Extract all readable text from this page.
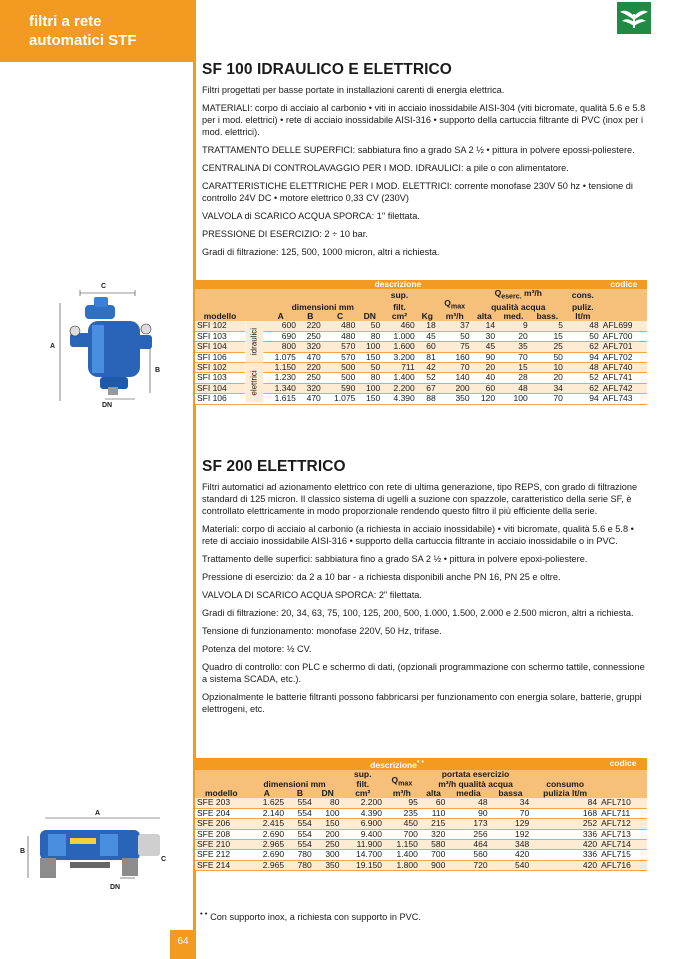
filtri a rete
automatici STF
SF 100 IDRAULICO E ELETTRICO

Filtri progettati per basse portate in installazioni carenti di energia elettrica.

MATERIALI: corpo di acciaio al carbonio • viti in acciaio inossidabile AISI-304 (viti bicromate, qualità 5.6 e 5.8 per i mod. elettrici) • rete di acciaio inossidabile AISI-316 • supporto della cartuccia filtrante di PVC (inox per i mod. elettrici).

TRATTAMENTO DELLE SUPERFICI: sabbiatura fino a grado SA 2 ½ • pittura in polvere epossi-poliestere.

CENTRALINA DI CONTROLAVAGGIO PER I MOD. IDRAULICI: a pile o con alimentatore.

CARATTERISTICHE ELETTRICHE PER I MOD. ELETTRICI: corrente monofase 230V 50 hz • tensione di controllo 24V DC • motore elettrico 0,33 CV (230V)

VALVOLA di SCARICO ACQUA SPORCA: 1" filettata.

PRESSIONE DI ESERCIZIO: 2 ÷ 10 bar.

Gradi di filtrazione: 125, 500, 1000 micron, altri a richiesta.

C
A
B
DN
descrizione													codice
		dimensioni mm				sup.		$Q_{max}$	$Q_{eserc.}$ m³/h			cons.	
						filt.			qualità acqua			puliz.	
modello		A	B	C	DN	cm²	Kg	m³/h	alta	med.	bass.	lt/m	
SFI 102	idraulici	600	220	480	50	460	18	37	14	9	5	48	AFL699
SFI 103		690	250	480	80	1.000	45	50	30	20	15	50	AFL700
SFI 104		800	320	570	100	1.600	60	75	45	35	25	62	AFL701
SFI 106		1.075	470	570	150	3.200	81	160	90	70	50	94	AFL702
SFI 102	elettrici	1.150	220	500	50	711	42	70	20	15	10	48	AFL740
SFI 103		1.230	250	500	80	1.400	52	140	40	28	20	52	AFL741
SFI 104		1.340	320	590	100	2.200	67	200	60	48	34	62	AFL742
SFI 106		1.615	470	1.075	150	4.390	88	350	120	100	70	94	AFL743
SF 200 ELETTRICO

Filtri automatici ad azionamento elettrico con rete di ultima generazione, tipo REPS, con grado di filtrazione standard di 125 micron. Il classico sistema di ugelli a suzione con spazzole, caratteristico della serie SF, è controllato elettricamente in modo proporzionale rendendo questo filtro il più efficiente della serie.

Materiali: corpo di acciaio al carbonio (a richiesta in acciaio inossidabile) • viti bicromate, qualità 5.6 e 5.8 • rete di acciaio inossidabile AISI-316 • supporto della cartuccia filtrante in acciaio inossidabile o in PVC.

Trattamento delle superfici: sabbiatura fino a grado SA 2 ½ • pittura in polvere epoxi-poliestere.

Pressione di esercizio: da 2 a 10 bar - a richiesta disponibili anche PN 16, PN 25 e oltre.

VALVOLA DI SCARICO ACQUA SPORCA: 2" filettata.

Gradi di filtrazione: 20, 34, 63, 75, 100, 125, 200, 500, 1.000, 1.500, 2.000 e 2.500 micron, altri a richiesta.

Tensione di funzionamento: monofase 220V, 50 Hz, trifase.

Potenza del motore: ½ CV.

Quadro di controllo: con PLC e schermo di dati, (opzionali programmazione con schermo tattile, connessione a sistema SCADA, etc.).

Opzionalmente le batterie filtranti possono fabbricarsi per funzionamento con energia solare, batterie, gruppi elettrogeni, etc.

A
B
C
DN
descrizione• •										codice
	dimensioni mm			sup.	$Q_{max}$	portata esercizio			consumo	
				filt.		m³/h qualità acqua				
modello	A	B	DN	cm²	m³/h	alta	media	bassa	pulizia lt/m	
SFE 203	1.625	554	80	2.200	95	60	48	34	84	AFL710
SFE 204	2.140	554	100	4.390	235	110	90	70	168	AFL711
SFE 206	2.415	554	150	6.900	450	215	173	129	252	AFL712
SFE 208	2.690	554	200	9.400	700	320	256	192	336	AFL713
SFE 210	2.965	554	250	11.900	1.150	580	464	348	420	AFL714
SFE 212	2.690	780	300	14.700	1.400	700	560	420	336	AFL715
SFE 214	2.965	780	350	19.150	1.800	900	720	540	420	AFL716
• • Con supporto inox, a richiesta con supporto in PVC.
64
